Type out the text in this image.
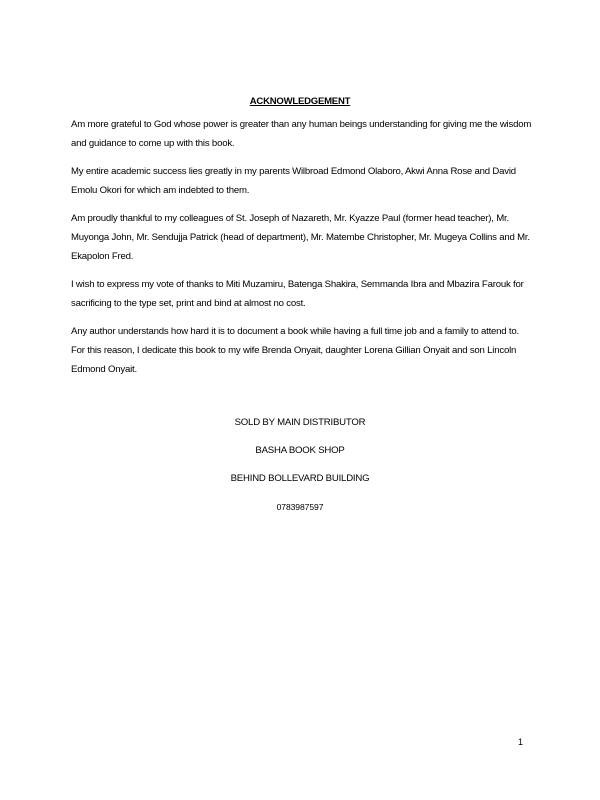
ACKNOWLEDGEMENT

Am more grateful to God whose power is greater than any human beings understanding for giving me the wisdom and guidance to come up with this book.

My entire academic success lies greatly in my parents Wilbroad Edmond Olaboro, Akwi Anna Rose and David Emolu Okori for which am indebted to them.

Am proudly thankful to my colleagues of St. Joseph of Nazareth, Mr. Kyazze Paul (former head teacher), Mr. Muyonga John, Mr. Sendujja Patrick (head of department), Mr. Matembe Christopher, Mr. Mugeya Collins and Mr. Ekapolon Fred.

I wish to express my vote of thanks to Miti Muzamiru, Batenga Shakira, Semmanda Ibra and Mbazira Farouk for sacrificing to the type set, print and bind at almost no cost.

Any author understands how hard it is to document a book while having a full time job and a family to attend to. For this reason, I dedicate this book to my wife Brenda Onyait, daughter Lorena Gillian Onyait and son Lincoln Edmond Onyait.

SOLD BY MAIN DISTRIBUTOR

BASHA BOOK SHOP

BEHIND BOLLEVARD BUILDING

0783987597

1
